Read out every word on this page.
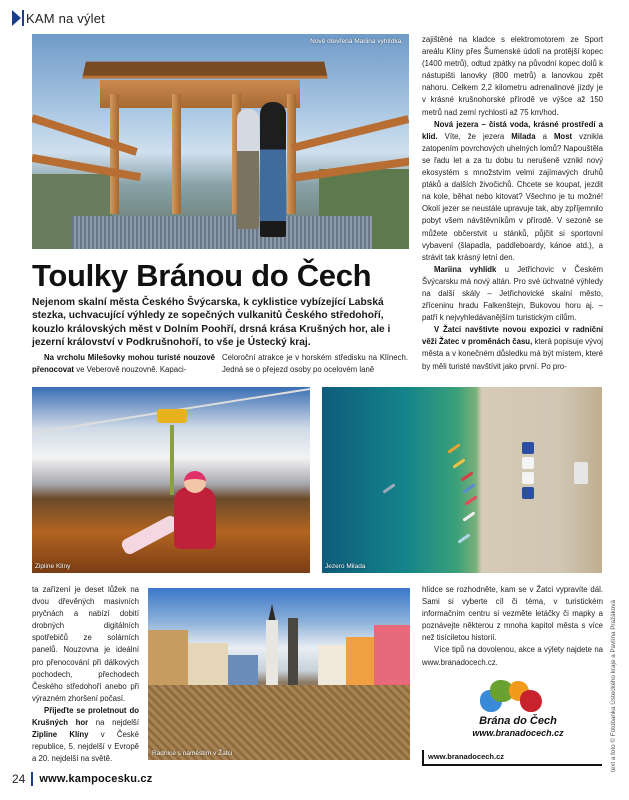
KAM na výlet
Nově otevřená Mariina vyhlídka. zajištěné na kladce s elektromotorem ze Sport areálu Klíny přes Šumenské údolí na protější kopec (1400 metrů), odtud zpátky na původní kopec dolů k nástupišti lanovky (800 metrů) a lanovkou zpět nahoru. Celkem 2,2 kilometru adrenalinové jízdy je v krásné krušnohorské přírodě ve výšce až 150 metrů nad zemí rychlostí až 75 km/hod.

Nová jezera – čistá voda, krásné prostředí a klid. Víte, že jezera Milada a Most vznikla zatopením povrchových uhelných lomů? Napouštěla se řadu let a za tu dobu tu nerušeně vznikl nový ekosystém s množstvím velmi zajímavých druhů ptáků a dalších živočichů. Chcete se koupat, jezdit na kole, běhat nebo kitovat? Všechno je tu možné! Okolí jezer se neustále upravuje tak, aby zpříjemnilo pobyt všem návštěvníkům v přírodě. V sezoně se můžete občerstvit u stánků, půjčit si sportovní vybavení (šlapadla, paddleboardy, kánoe atd.), a strávit tak krásný letní den.

Mariina vyhlídk u Jetřichovic v Českém Švýcarsku má nový altán. Pro své úchvatné výhledy na další skály – Jetřichovické skalní město, zříceninu hradu Falkenštejn, Bukovou horu aj. – patří k nejvyhledávanějším turistickým cílům.

V Žatci navštivte novou expozici v radniční věži Žatec v proměnách času, která popisuje vývoj města a v konečném důsledku má být místem, které by měli turisté navštívit jako první. Po pro-

Toulky Bránou do Čech

Nejenom skalní města Českého Švýcarska, k cyklistice vybízející Labská stezka, uchvacující výhledy ze sopečných vulkanitů Českého středohoří, kouzlo královských měst v Dolním Poohří, drsná krása Krušných hor, ale i jezerní království v Podkrušnohoří, to vše je Ústecký kraj.

Na vrcholu Milešovky mohou turisté nouzově přenocovat ve Veberově nouzovně. Kapaci-

Celoroční atrakce je v horském středisku na Klínech. Jedná se o přejezd osoby po ocelovém laně

Zipline Klíny	Jezero Milada

ta zařízení je deset lůžek na dvou dřevěných masivních pryčnách a nabízí dobití drobných digitálních spotřebičů ze solárních panelů. Nouzovna je ideální pro přenocování při dálkových pochodech, přechodech Českého středohoří anebo při výrazném zhoršení počasí.

Přijeďte se proletnout do Krušných hor na nejdelší Zipline Klíny v České republice, 5. nejdelší v Evropě a 20. nejdelší na světě.

Radnice s náměstím v Žatci

hlídce se rozhodněte, kam se v Žatci vypravíte dál. Sami si vyberte cíl či téma, v turistickém informačním centru si vezměte letáčky či mapky a poznávejte některou z mnoha kapitol města s více než tisíciletou historií.

Více tipů na dovolenou, akce a výlety najdete na www.branadocech.cz.

Brána do Čech
www.branadocech.cz
www.branadocech.cz	text a foto © Fotobanka Ústeckého kraje a Pavlína Pražáková
24 www.kampocesku.cz
